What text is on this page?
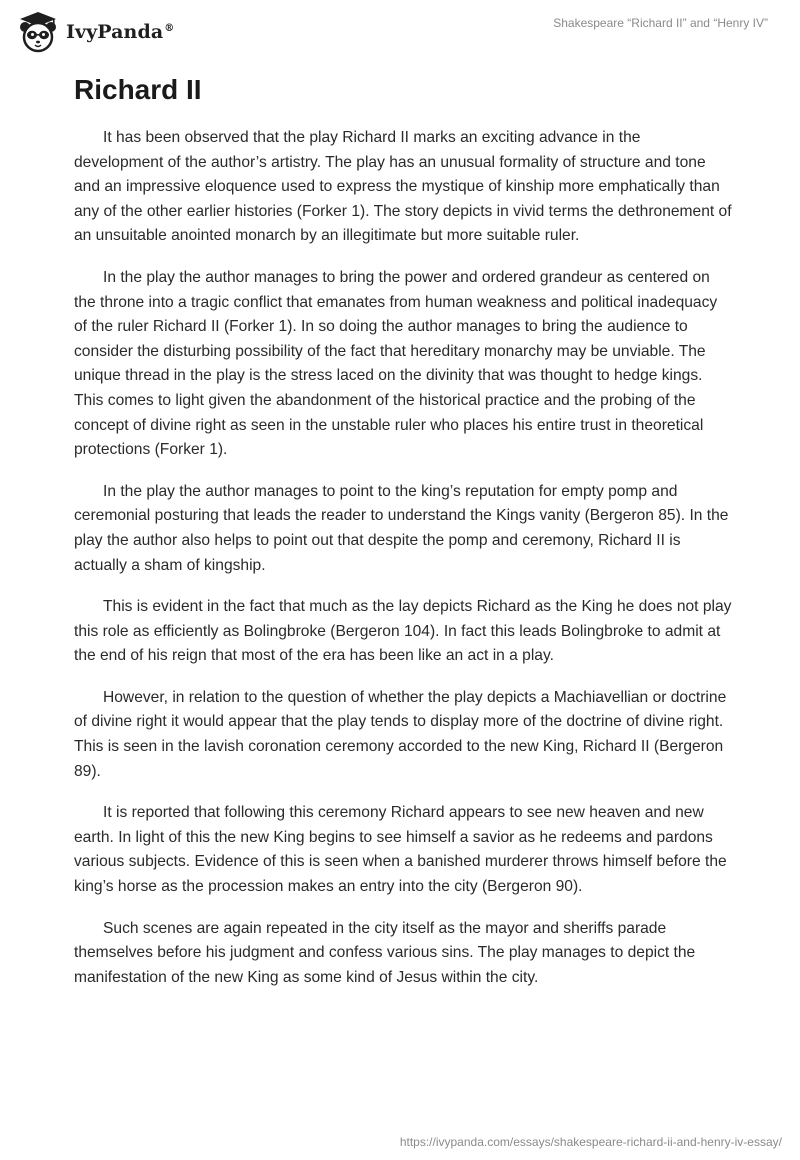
IvyPanda®	Shakespeare “Richard II” and “Henry IV”
Richard II

It has been observed that the play Richard II marks an exciting advance in the development of the author’s artistry. The play has an unusual formality of structure and tone and an impressive eloquence used to express the mystique of kinship more emphatically than any of the other earlier histories (Forker 1). The story depicts in vivid terms the dethronement of an unsuitable anointed monarch by an illegitimate but more suitable ruler.

In the play the author manages to bring the power and ordered grandeur as centered on the throne into a tragic conflict that emanates from human weakness and political inadequacy of the ruler Richard II (Forker 1). In so doing the author manages to bring the audience to consider the disturbing possibility of the fact that hereditary monarchy may be unviable. The unique thread in the play is the stress laced on the divinity that was thought to hedge kings. This comes to light given the abandonment of the historical practice and the probing of the concept of divine right as seen in the unstable ruler who places his entire trust in theoretical protections (Forker 1).

In the play the author manages to point to the king’s reputation for empty pomp and ceremonial posturing that leads the reader to understand the Kings vanity (Bergeron 85). In the play the author also helps to point out that despite the pomp and ceremony, Richard II is actually a sham of kingship.

This is evident in the fact that much as the lay depicts Richard as the King he does not play this role as efficiently as Bolingbroke (Bergeron 104). In fact this leads Bolingbroke to admit at the end of his reign that most of the era has been like an act in a play.

However, in relation to the question of whether the play depicts a Machiavellian or doctrine of divine right it would appear that the play tends to display more of the doctrine of divine right. This is seen in the lavish coronation ceremony accorded to the new King, Richard II (Bergeron 89).

It is reported that following this ceremony Richard appears to see new heaven and new earth. In light of this the new King begins to see himself a savior as he redeems and pardons various subjects. Evidence of this is seen when a banished murderer throws himself before the king’s horse as the procession makes an entry into the city (Bergeron 90).

Such scenes are again repeated in the city itself as the mayor and sheriffs parade themselves before his judgment and confess various sins. The play manages to depict the manifestation of the new King as some kind of Jesus within the city.

https://ivypanda.com/essays/shakespeare-richard-ii-and-henry-iv-essay/
